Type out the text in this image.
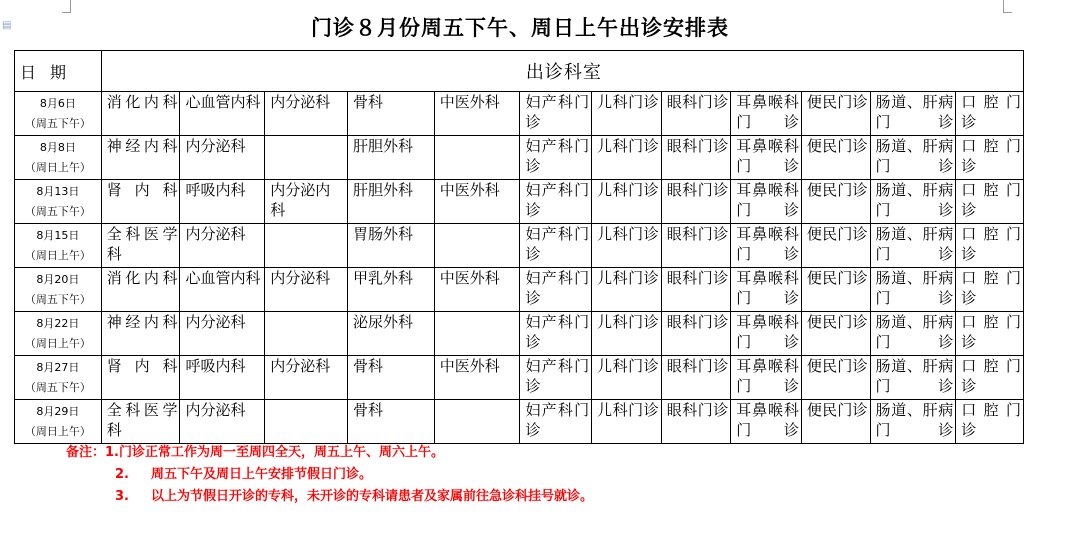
▤	门诊８月份周五下午、周日上午出诊安排表
日期	出诊科室											

8月6日
（周五下午）	消化内科	心血管内科	内分泌科	骨科	中医外科	妇产科门诊	儿科门诊	眼科门诊	耳鼻喉科门诊	便民门诊	肠道、肝病门诊	口腔门诊

8月8日
（周日上午）	神经内科	内分泌科		肝胆外科		妇产科门诊	儿科门诊	眼科门诊	耳鼻喉科门诊	便民门诊	肠道、肝病门诊	口腔门诊

8月13日
（周五下午）	肾内科	呼吸内科	内分泌内科	肝胆外科	中医外科	妇产科门诊	儿科门诊	眼科门诊	耳鼻喉科门诊	便民门诊	肠道、肝病门诊	口腔门诊

8月15日
（周日上午）	全科医学科	内分泌科		胃肠外科		妇产科门诊	儿科门诊	眼科门诊	耳鼻喉科门诊	便民门诊	肠道、肝病门诊	口腔门诊

8月20日
（周五下午）	消化内科	心血管内科	内分泌科	甲乳外科	中医外科	妇产科门诊	儿科门诊	眼科门诊	耳鼻喉科门诊	便民门诊	肠道、肝病门诊	口腔门诊

8月22日
（周日上午）	神经内科	内分泌科		泌尿外科		妇产科门诊	儿科门诊	眼科门诊	耳鼻喉科门诊	便民门诊	肠道、肝病门诊	口腔门诊

8月27日
（周五下午）	肾内科	呼吸内科	内分泌科	骨科	中医外科	妇产科门诊	儿科门诊	眼科门诊	耳鼻喉科门诊	便民门诊	肠道、肝病门诊	口腔门诊

8月29日
（周日上午）	全科医学科	内分泌科		骨科		妇产科门诊	儿科门诊	眼科门诊	耳鼻喉科门诊	便民门诊	肠道、肝病门诊	口腔门诊
备注：1.门诊正常工作为周一至周四全天，周五上午、周六上午。
2. 周五下午及周日上午安排节假日门诊。
3. 以上为节假日开诊的专科，未开诊的专科请患者及家属前往急诊科挂号就诊。
